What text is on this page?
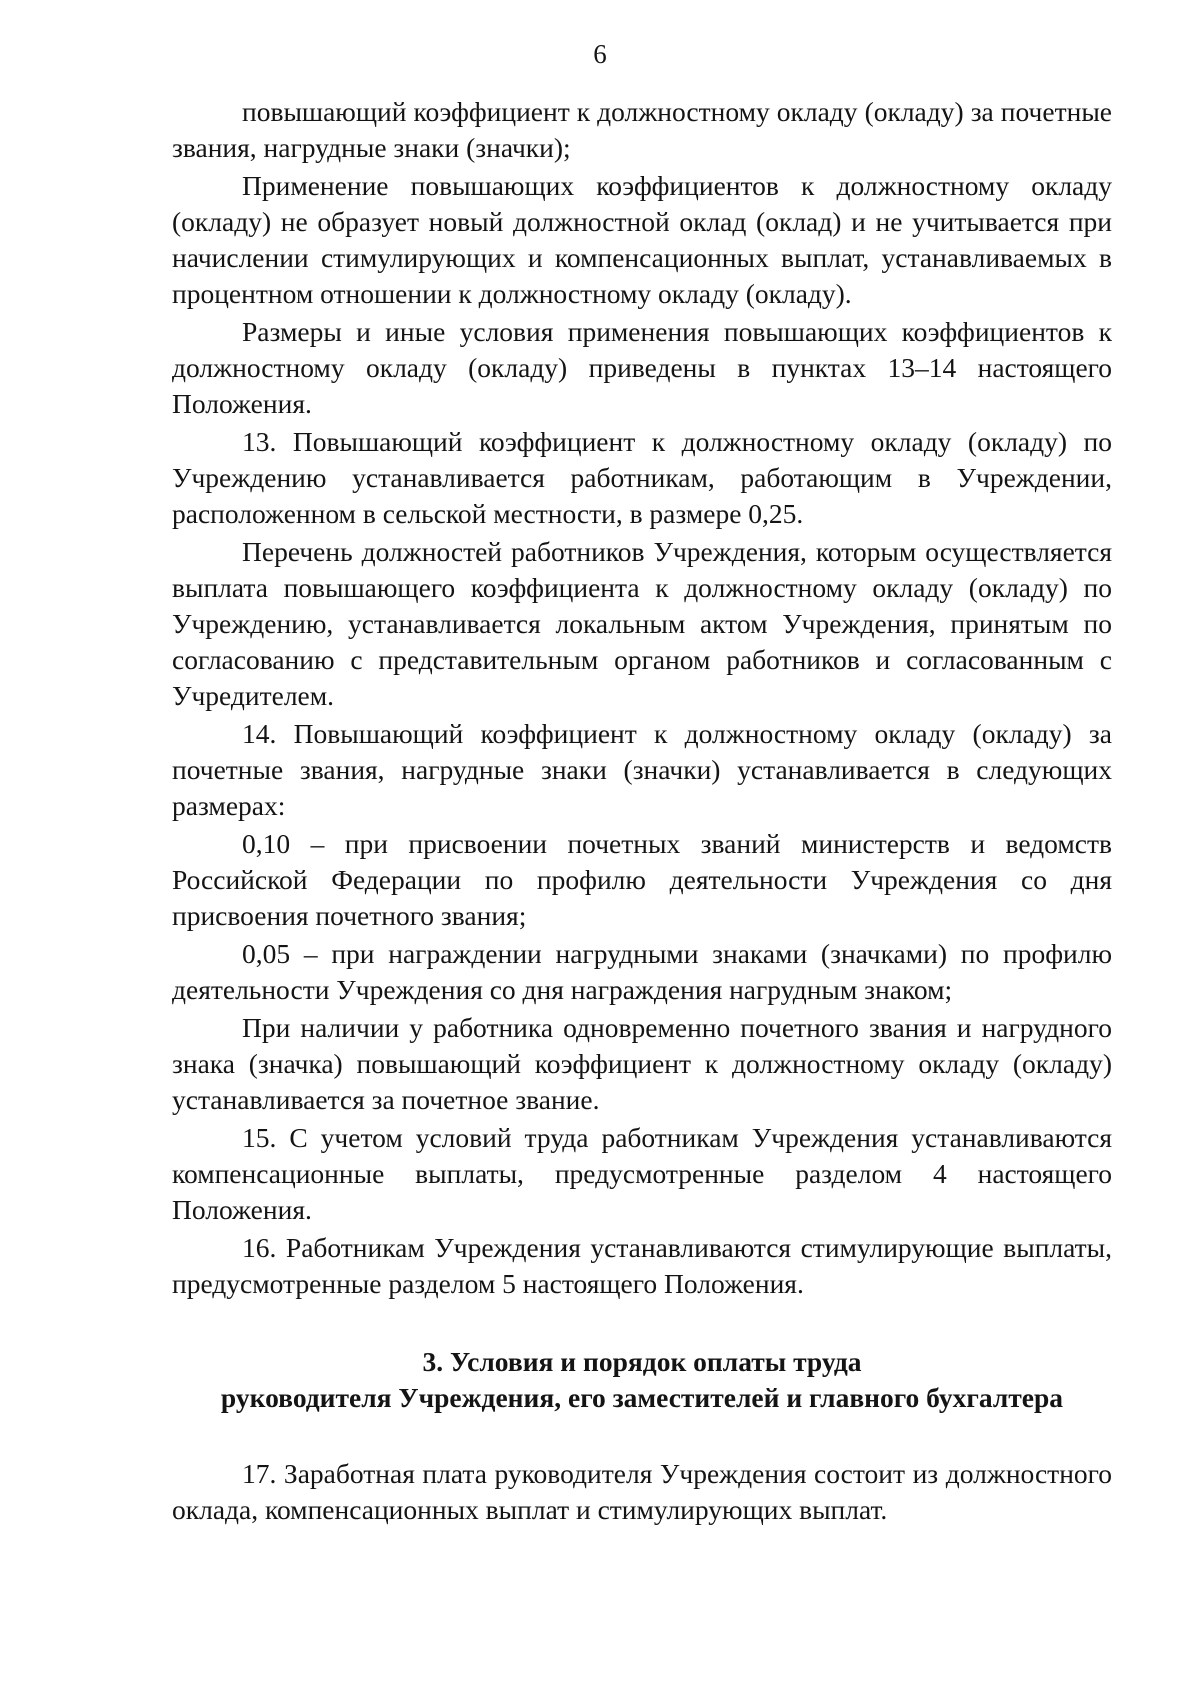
6

повышающий коэффициент к должностному окладу (окладу) за почетные звания, нагрудные знаки (значки);

Применение повышающих коэффициентов к должностному окладу (окладу) не образует новый должностной оклад (оклад) и не учитывается при начислении стимулирующих и компенсационных выплат, устанавливаемых в процентном отношении к должностному окладу (окладу).

Размеры и иные условия применения повышающих коэффициентов к должностному окладу (окладу) приведены в пунктах 13–14 настоящего Положения.

13. Повышающий коэффициент к должностному окладу (окладу) по Учреждению устанавливается работникам, работающим в Учреждении, расположенном в сельской местности, в размере 0,25.

Перечень должностей работников Учреждения, которым осуществляется выплата повышающего коэффициента к должностному окладу (окладу) по Учреждению, устанавливается локальным актом Учреждения, принятым по согласованию с представительным органом работников и согласованным с Учредителем.

14. Повышающий коэффициент к должностному окладу (окладу) за почетные звания, нагрудные знаки (значки) устанавливается в следующих размерах:

0,10 – при присвоении почетных званий министерств и ведомств Российской Федерации по профилю деятельности Учреждения со дня присвоения почетного звания;

0,05 – при награждении нагрудными знаками (значками) по профилю деятельности Учреждения со дня награждения нагрудным знаком;

При наличии у работника одновременно почетного звания и нагрудного знака (значка) повышающий коэффициент к должностному окладу (окладу) устанавливается за почетное звание.

15. С учетом условий труда работникам Учреждения устанавливаются компенсационные выплаты, предусмотренные разделом 4 настоящего Положения.

16. Работникам Учреждения устанавливаются стимулирующие выплаты, предусмотренные разделом 5 настоящего Положения.

3. Условия и порядок оплаты труда
руководителя Учреждения, его заместителей и главного бухгалтера

17. Заработная плата руководителя Учреждения состоит из должностного оклада, компенсационных выплат и стимулирующих выплат.
